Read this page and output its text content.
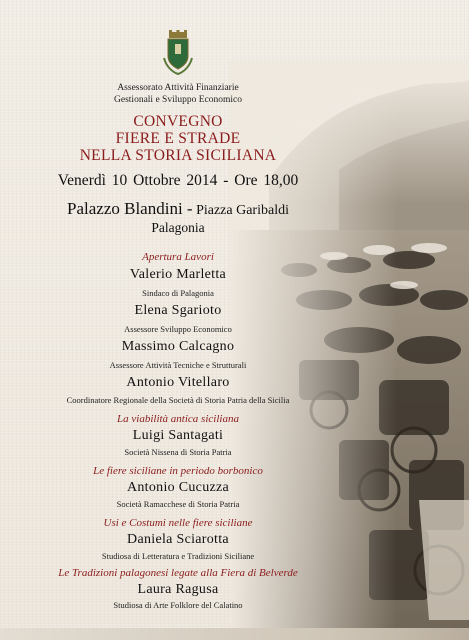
Assessorato Attività Finanziarie
Gestionali e Sviluppo Economico
CONVEGNO
FIERE E STRADE
NELLA STORIA SICILIANA
Venerdì 10 Ottobre 2014 - Ore 18,00
Palazzo Blandini - Piazza Garibaldi
Palagonia
Apertura Lavori
Valerio Marletta
Sindaco di Palagonia
Elena Sgarioto
Assessore Sviluppo Economico
Massimo Calcagno
Assessore Attività Tecniche e Strutturali
Antonio Vitellaro
Coordinatore Regionale della Società di Storia Patria della Sicilia
La viabilità antica siciliana
Luigi Santagati
Società Nissena di Storia Patria
Le fiere siciliane in periodo borbonico
Antonio Cucuzza
Società Ramacchese di Storia Patria
Usi e Costumi nelle fiere siciliane
Daniela Sciarotta
Studiosa di Letteratura e Tradizioni Siciliane
Le Tradizioni palagonesi legate alla Fiera di Belverde
Laura Ragusa
Studiosa di Arte Folklore del Calatino
